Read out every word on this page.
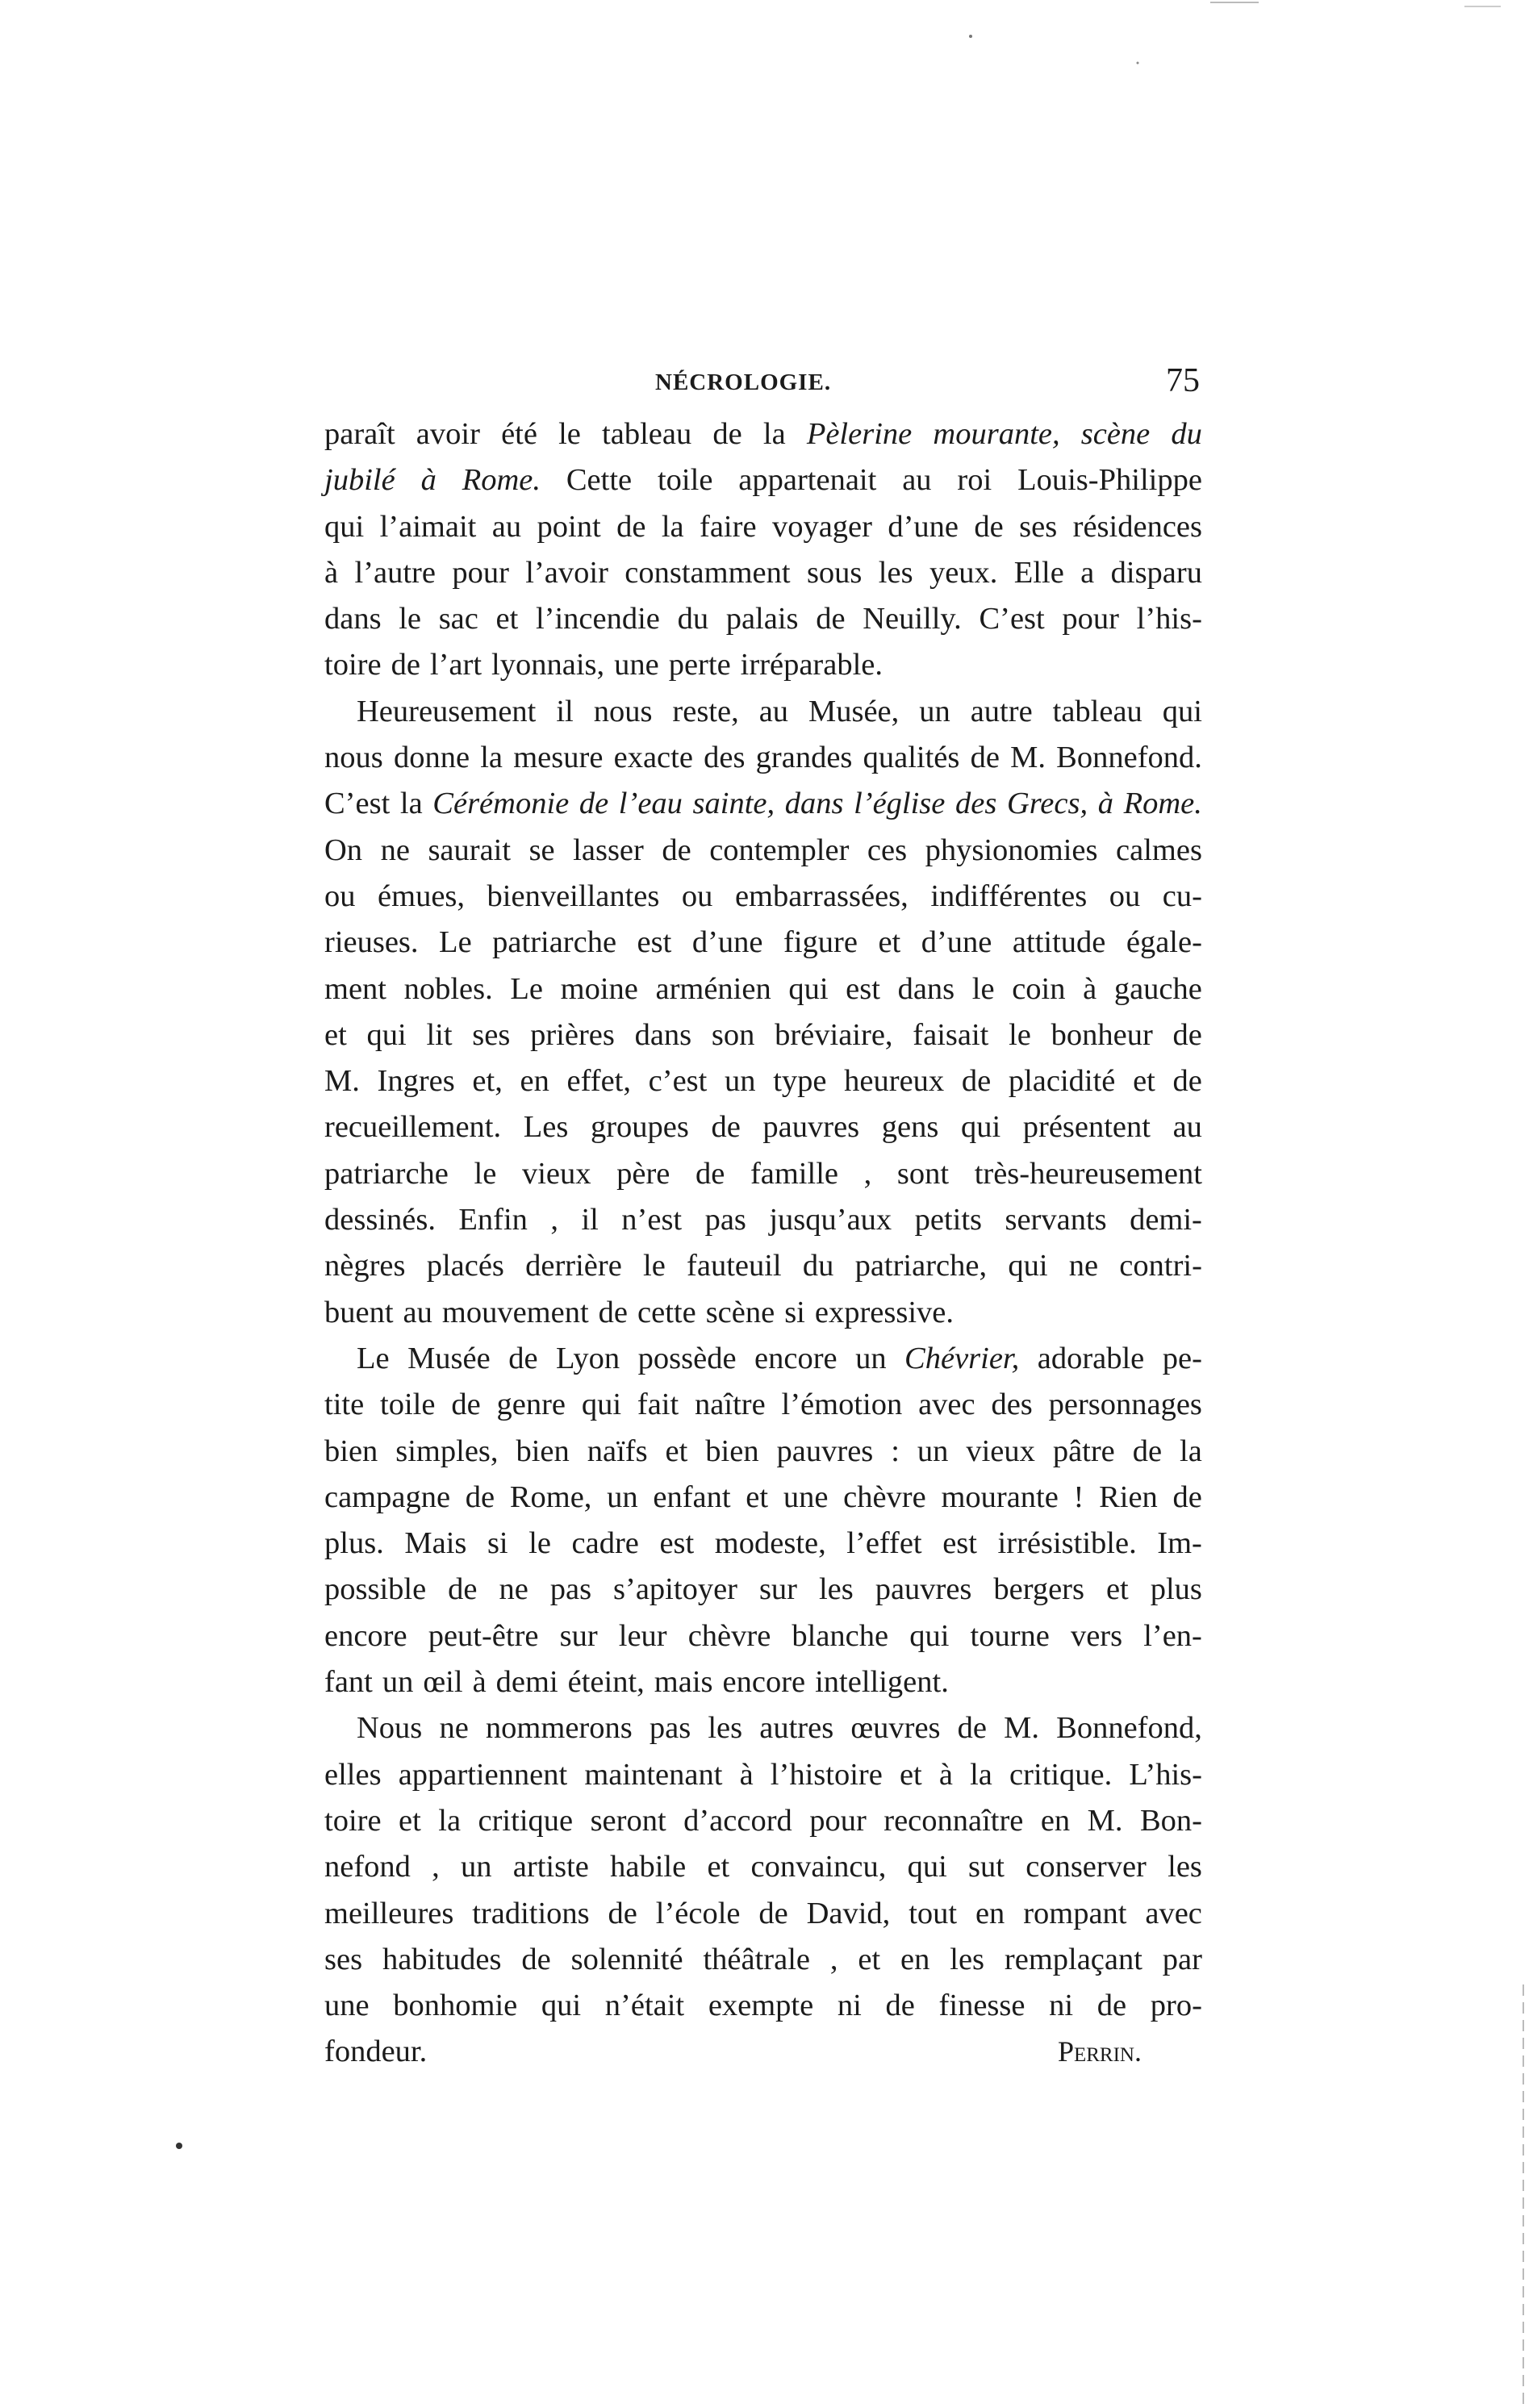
NÉCROLOGIE.	75
paraît avoir été le tableau de la Pèlerine mourante, scène du
jubilé à Rome. Cette toile appartenait au roi Louis-Philippe
qui l’aimait au point de la faire voyager d’une de ses résidences
à l’autre pour l’avoir constamment sous les yeux. Elle a disparu
dans le sac et l’incendie du palais de Neuilly. C’est pour l’his-
toire de l’art lyonnais, une perte irréparable.
Heureusement il nous reste, au Musée, un autre tableau qui
nous donne la mesure exacte des grandes qualités de M. Bonnefond.
C’est la Cérémonie de l’eau sainte, dans l’église des Grecs, à Rome.
On ne saurait se lasser de contempler ces physionomies calmes
ou émues, bienveillantes ou embarrassées, indifférentes ou cu-
rieuses. Le patriarche est d’une figure et d’une attitude égale-
ment nobles. Le moine arménien qui est dans le coin à gauche
et qui lit ses prières dans son bréviaire, faisait le bonheur de
M. Ingres et, en effet, c’est un type heureux de placidité et de
recueillement. Les groupes de pauvres gens qui présentent au
patriarche le vieux père de famille , sont très-heureusement
dessinés. Enfin , il n’est pas jusqu’aux petits servants demi-
nègres placés derrière le fauteuil du patriarche, qui ne contri-
buent au mouvement de cette scène si expressive.
Le Musée de Lyon possède encore un Chévrier, adorable pe-
tite toile de genre qui fait naître l’émotion avec des personnages
bien simples, bien naïfs et bien pauvres : un vieux pâtre de la
campagne de Rome, un enfant et une chèvre mourante ! Rien de
plus. Mais si le cadre est modeste, l’effet est irrésistible. Im-
possible de ne pas s’apitoyer sur les pauvres bergers et plus
encore peut-être sur leur chèvre blanche qui tourne vers l’en-
fant un œil à demi éteint, mais encore intelligent.
Nous ne nommerons pas les autres œuvres de M. Bonnefond,
elles appartiennent maintenant à l’histoire et à la critique. L’his-
toire et la critique seront d’accord pour reconnaître en M. Bon-
nefond , un artiste habile et convaincu, qui sut conserver les
meilleures traditions de l’école de David, tout en rompant avec
ses habitudes de solennité théâtrale , et en les remplaçant par
une bonhomie qui n’était exempte ni de finesse ni de pro-
fondeur.	Perrin.
